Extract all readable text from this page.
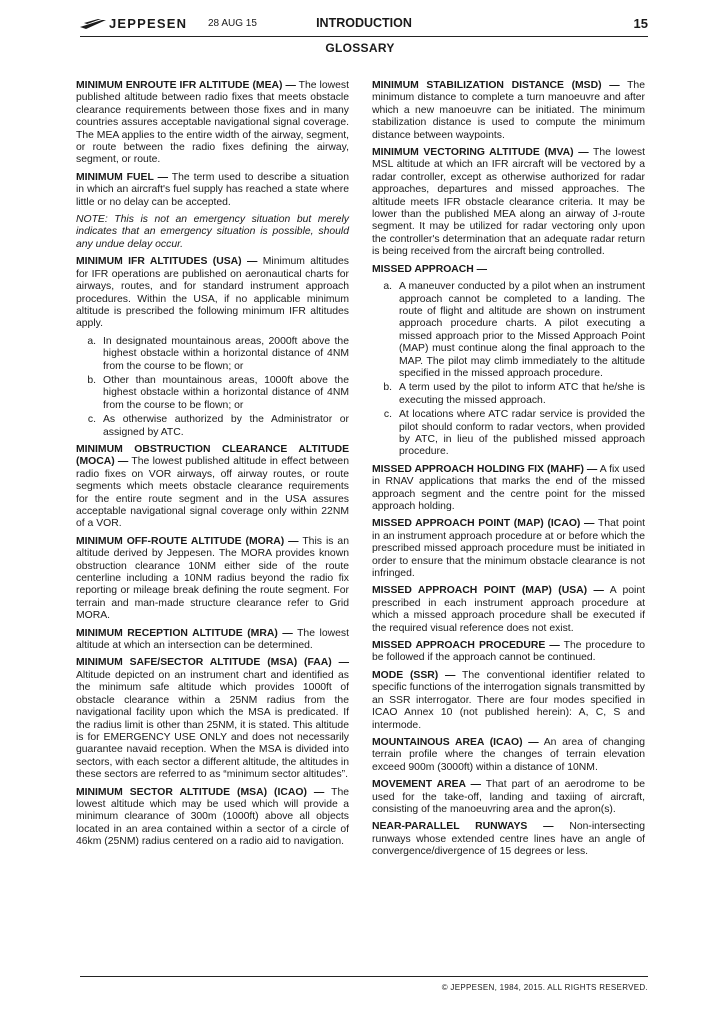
JEPPESEN 28 AUG 15	INTRODUCTION	15
GLOSSARY

MINIMUM ENROUTE IFR ALTITUDE (MEA) — The lowest published altitude between radio fixes that meets obstacle clearance requirements between those fixes and in many countries assures acceptable navigational signal coverage. The MEA applies to the entire width of the airway, segment, or route between the radio fixes defining the airway, segment, or route.

MINIMUM FUEL — The term used to describe a situation in which an aircraft's fuel supply has reached a state where little or no delay can be accepted.

NOTE: This is not an emergency situation but merely indicates that an emergency situation is possible, should any undue delay occur.

MINIMUM IFR ALTITUDES (USA) — Minimum altitudes for IFR operations are published on aeronautical charts for airways, routes, and for standard instrument approach procedures. Within the USA, if no applicable minimum altitude is prescribed the following minimum IFR altitudes apply.

a. In designated mountainous areas, 2000ft above the highest obstacle within a horizontal distance of 4NM from the course to be flown; or
b. Other than mountainous areas, 1000ft above the highest obstacle within a horizontal distance of 4NM from the course to be flown; or
c. As otherwise authorized by the Administrator or assigned by ATC.

MINIMUM OBSTRUCTION CLEARANCE ALTITUDE (MOCA) — The lowest published altitude in effect between radio fixes on VOR airways, off airway routes, or route segments which meets obstacle clearance requirements for the entire route segment and in the USA assures acceptable navigational signal coverage only within 22NM of a VOR.

MINIMUM OFF-ROUTE ALTITUDE (MORA) — This is an altitude derived by Jeppesen. The MORA provides known obstruction clearance 10NM either side of the route centerline including a 10NM radius beyond the radio fix reporting or mileage break defining the route segment. For terrain and man-made structure clearance refer to Grid MORA.

MINIMUM RECEPTION ALTITUDE (MRA) — The lowest altitude at which an intersection can be determined.

MINIMUM SAFE/SECTOR ALTITUDE (MSA) (FAA) — Altitude depicted on an instrument chart and identified as the minimum safe altitude which provides 1000ft of obstacle clearance within a 25NM radius from the navigational facility upon which the MSA is predicated. If the radius limit is other than 25NM, it is stated. This altitude is for EMERGENCY USE ONLY and does not necessarily guarantee navaid reception. When the MSA is divided into sectors, with each sector a different altitude, the altitudes in these sectors are referred to as “minimum sector altitudes”.

MINIMUM SECTOR ALTITUDE (MSA) (ICAO) — The lowest altitude which may be used which will provide a minimum clearance of 300m (1000ft) above all objects located in an area contained within a sector of a circle of 46km (25NM) radius centered on a radio aid to navigation.

MINIMUM STABILIZATION DISTANCE (MSD) — The minimum distance to complete a turn manoeuvre and after which a new manoeuvre can be initiated. The minimum stabilization distance is used to compute the minimum distance between waypoints.

MINIMUM VECTORING ALTITUDE (MVA) — The lowest MSL altitude at which an IFR aircraft will be vectored by a radar controller, except as otherwise authorized for radar approaches, departures and missed approaches. The altitude meets IFR obstacle clearance criteria. It may be lower than the published MEA along an airway of J-route segment. It may be utilized for radar vectoring only upon the controller's determination that an adequate radar return is being received from the aircraft being controlled.

MISSED APPROACH —

a. A maneuver conducted by a pilot when an instrument approach cannot be completed to a landing. The route of flight and altitude are shown on instrument approach procedure charts. A pilot executing a missed approach prior to the Missed Approach Point (MAP) must continue along the final approach to the MAP. The pilot may climb immediately to the altitude specified in the missed approach procedure.
b. A term used by the pilot to inform ATC that he/she is executing the missed approach.
c. At locations where ATC radar service is provided the pilot should conform to radar vectors, when provided by ATC, in lieu of the published missed approach procedure.

MISSED APPROACH HOLDING FIX (MAHF) — A fix used in RNAV applications that marks the end of the missed approach segment and the centre point for the missed approach holding.

MISSED APPROACH POINT (MAP) (ICAO) — That point in an instrument approach procedure at or before which the prescribed missed approach procedure must be initiated in order to ensure that the minimum obstacle clearance is not infringed.

MISSED APPROACH POINT (MAP) (USA) — A point prescribed in each instrument approach procedure at which a missed approach procedure shall be executed if the required visual reference does not exist.

MISSED APPROACH PROCEDURE — The procedure to be followed if the approach cannot be continued.

MODE (SSR) — The conventional identifier related to specific functions of the interrogation signals transmitted by an SSR interrogator. There are four modes specified in ICAO Annex 10 (not published herein): A, C, S and intermode.

MOUNTAINOUS AREA (ICAO) — An area of changing terrain profile where the changes of terrain elevation exceed 900m (3000ft) within a distance of 10NM.

MOVEMENT AREA — That part of an aerodrome to be used for the take-off, landing and taxiing of aircraft, consisting of the manoeuvring area and the apron(s).

NEAR-PARALLEL RUNWAYS — Non-intersecting runways whose extended centre lines have an angle of convergence/divergence of 15 degrees or less.

© JEPPESEN, 1984, 2015. ALL RIGHTS RESERVED.
